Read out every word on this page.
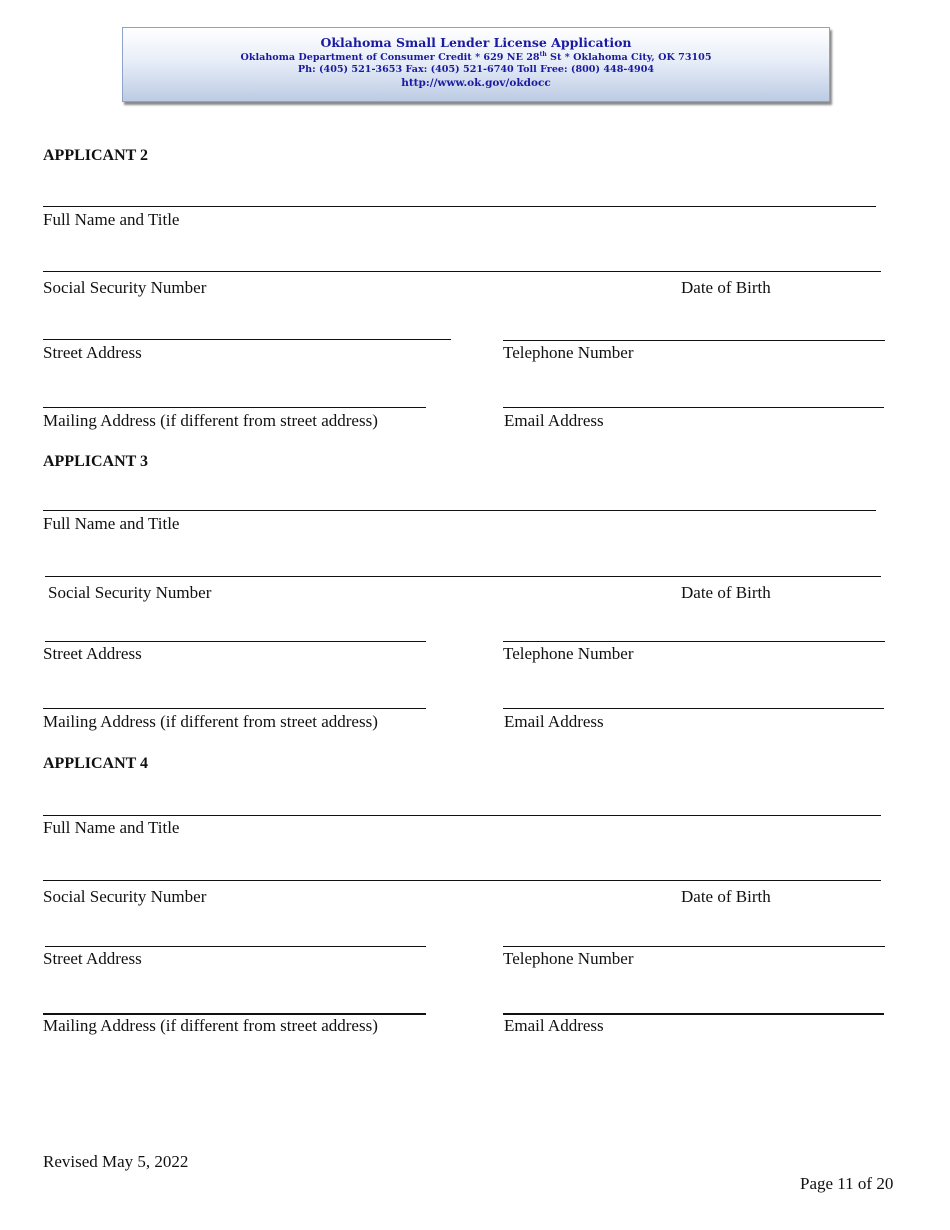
Oklahoma Small Lender License Application
Oklahoma Department of Consumer Credit * 629 NE 28th St * Oklahoma City, OK 73105
Ph: (405) 521-3653 Fax: (405) 521-6740 Toll Free: (800) 448-4904
http://www.ok.gov/okdocc
APPLICANT 2
Full Name and Title
Social Security Number	Date of Birth
Street Address	Telephone Number
Mailing Address (if different from street address)	Email Address
APPLICANT 3
Full Name and Title
Social Security Number	Date of Birth
Street Address	Telephone Number
Mailing Address (if different from street address)	Email Address
APPLICANT 4
Full Name and Title
Social Security Number	Date of Birth
Street Address	Telephone Number
Mailing Address (if different from street address)	Email Address
Revised May 5, 2022
Page 11 of 20
